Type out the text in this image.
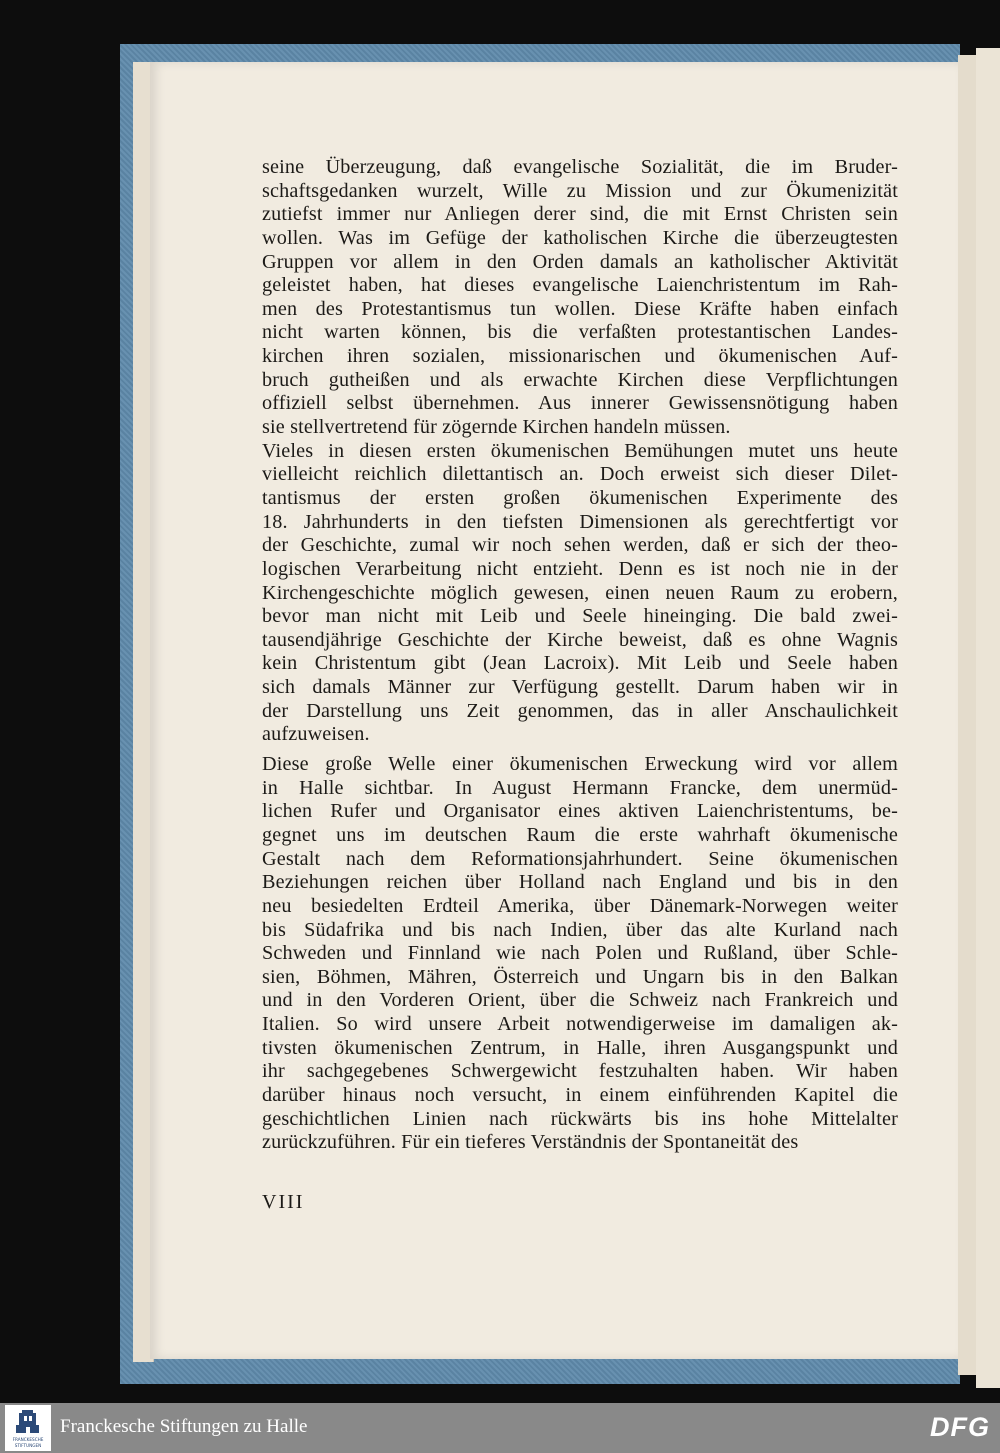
seine Überzeugung, daß evangelische Sozialität, die im Bruder-
schaftsgedanken wurzelt, Wille zu Mission und zur Ökumenizität
zutiefst immer nur Anliegen derer sind, die mit Ernst Christen sein
wollen. Was im Gefüge der katholischen Kirche die überzeugtesten
Gruppen vor allem in den Orden damals an katholischer Aktivität
geleistet haben, hat dieses evangelische Laienchristentum im Rah-
men des Protestantismus tun wollen. Diese Kräfte haben einfach
nicht warten können, bis die verfaßten protestantischen Landes-
kirchen ihren sozialen, missionarischen und ökumenischen Auf-
bruch gutheißen und als erwachte Kirchen diese Verpflichtungen
offiziell selbst übernehmen. Aus innerer Gewissensnötigung haben
sie stellvertretend für zögernde Kirchen handeln müssen.
Vieles in diesen ersten ökumenischen Bemühungen mutet uns heute
vielleicht reichlich dilettantisch an. Doch erweist sich dieser Dilet-
tantismus der ersten großen ökumenischen Experimente des
18. Jahrhunderts in den tiefsten Dimensionen als gerechtfertigt vor
der Geschichte, zumal wir noch sehen werden, daß er sich der theo-
logischen Verarbeitung nicht entzieht. Denn es ist noch nie in der
Kirchengeschichte möglich gewesen, einen neuen Raum zu erobern,
bevor man nicht mit Leib und Seele hineinging. Die bald zwei-
tausendjährige Geschichte der Kirche beweist, daß es ohne Wagnis
kein Christentum gibt (Jean Lacroix). Mit Leib und Seele haben
sich damals Männer zur Verfügung gestellt. Darum haben wir in
der Darstellung uns Zeit genommen, das in aller Anschaulichkeit
aufzuweisen.
Diese große Welle einer ökumenischen Erweckung wird vor allem
in Halle sichtbar. In August Hermann Francke, dem unermüd-
lichen Rufer und Organisator eines aktiven Laienchristentums, be-
gegnet uns im deutschen Raum die erste wahrhaft ökumenische
Gestalt nach dem Reformationsjahrhundert. Seine ökumenischen
Beziehungen reichen über Holland nach England und bis in den
neu besiedelten Erdteil Amerika, über Dänemark-Norwegen weiter
bis Südafrika und bis nach Indien, über das alte Kurland nach
Schweden und Finnland wie nach Polen und Rußland, über Schle-
sien, Böhmen, Mähren, Österreich und Ungarn bis in den Balkan
und in den Vorderen Orient, über die Schweiz nach Frankreich und
Italien. So wird unsere Arbeit notwendigerweise im damaligen ak-
tivsten ökumenischen Zentrum, in Halle, ihren Ausgangspunkt und
ihr sachgegebenes Schwergewicht festzuhalten haben. Wir haben
darüber hinaus noch versucht, in einem einführenden Kapitel die
geschichtlichen Linien nach rückwärts bis ins hohe Mittelalter
zurückzuführen. Für ein tieferes Verständnis der Spontaneität des
VIII
FRANCKESCHE
STIFTUNGEN
Franckesche Stiftungen zu Halle	DFG
